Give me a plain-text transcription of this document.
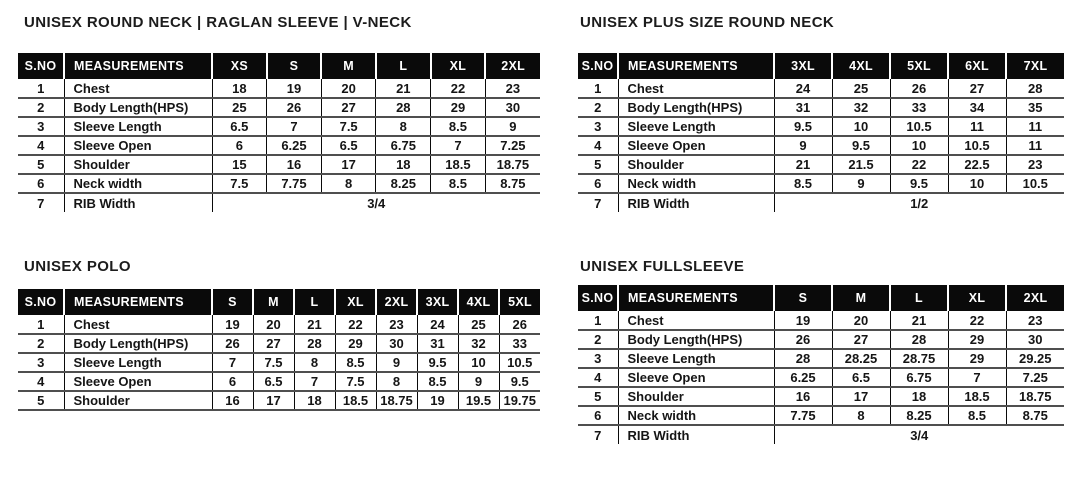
UNISEX ROUND NECK | RAGLAN SLEEVE | V-NECK
S.NO	MEASUREMENTS	XS	S	M	L	XL	2XL
1	Chest	18	19	20	21	22	23
2	Body Length(HPS)	25	26	27	28	29	30
3	Sleeve Length	6.5	7	7.5	8	8.5	9
4	Sleeve Open	6	6.25	6.5	6.75	7	7.25
5	Shoulder	15	16	17	18	18.5	18.75
6	Neck width	7.5	7.75	8	8.25	8.5	8.75
7	RIB Width	3/4					
UNISEX PLUS SIZE ROUND NECK
S.NO	MEASUREMENTS	3XL	4XL	5XL	6XL	7XL
1	Chest	24	25	26	27	28
2	Body Length(HPS)	31	32	33	34	35
3	Sleeve Length	9.5	10	10.5	11	11
4	Sleeve Open	9	9.5	10	10.5	11
5	Shoulder	21	21.5	22	22.5	23
6	Neck width	8.5	9	9.5	10	10.5
7	RIB Width	1/2				
UNISEX POLO
S.NO	MEASUREMENTS	S	M	L	XL	2XL	3XL	4XL	5XL
1	Chest	19	20	21	22	23	24	25	26
2	Body Length(HPS)	26	27	28	29	30	31	32	33
3	Sleeve Length	7	7.5	8	8.5	9	9.5	10	10.5
4	Sleeve Open	6	6.5	7	7.5	8	8.5	9	9.5
5	Shoulder	16	17	18	18.5	18.75	19	19.5	19.75
UNISEX FULLSLEEVE
S.NO	MEASUREMENTS	S	M	L	XL	2XL
1	Chest	19	20	21	22	23
2	Body Length(HPS)	26	27	28	29	30
3	Sleeve Length	28	28.25	28.75	29	29.25
4	Sleeve Open	6.25	6.5	6.75	7	7.25
5	Shoulder	16	17	18	18.5	18.75
6	Neck width	7.75	8	8.25	8.5	8.75
7	RIB Width	3/4				
